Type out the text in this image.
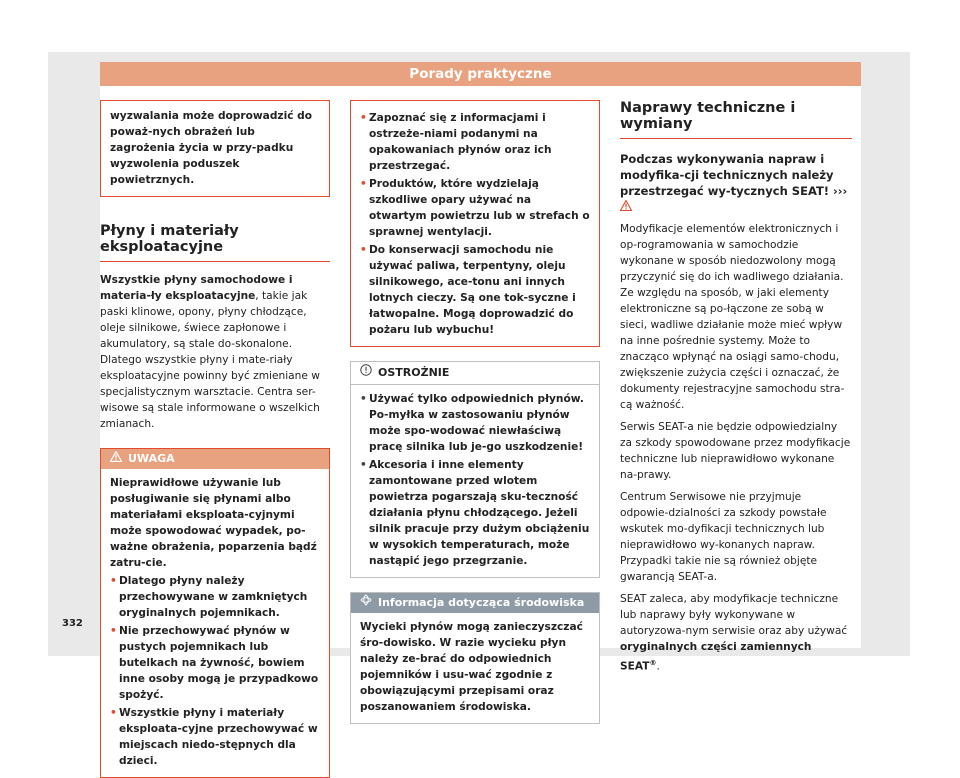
Porady praktyczne

wyzwalania może doprowadzić do poważ-nych obrażeń lub zagrożenia życia w przy-padku wyzwolenia poduszek powietrznych.

Płyny i materiały eksploatacyjne

Wszystkie płyny samochodowe i materia-ły eksploatacyjne, takie jak paski klinowe, opony, płyny chłodzące, oleje silnikowe, świece zapłonowe i akumulatory, są stale do-skonalone. Dlatego wszystkie płyny i mate-riały eksploatacyjne powinny być zmieniane w specjalistycznym warsztacie. Centra ser-wisowe są stale informowane o wszelkich zmianach.

UWAGA

Nieprawidłowe używanie lub posługiwanie się płynami albo materiałami eksploata-cyjnymi może spowodować wypadek, po-ważne obrażenia, poparzenia bądź zatru-cie.

• Dlatego płyny należy przechowywane w zamkniętych oryginalnych pojemnikach.
• Nie przechowywać płynów w pustych pojemnikach lub butelkach na żywność, bowiem inne osoby mogą je przypadkowo spożyć.
• Wszystkie płyny i materiały eksploata-cyjne przechowywać w miejscach niedo-stępnych dla dzieci.
• Zapoznać się z informacjami i ostrzeże-niami podanymi na opakowaniach płynów oraz ich przestrzegać.
• Produktów, które wydzielają szkodliwe opary używać na otwartym powietrzu lub w strefach o sprawnej wentylacji.
• Do konserwacji samochodu nie używać paliwa, terpentyny, oleju silnikowego, ace-tonu ani innych lotnych cieczy. Są one tok-syczne i łatwopalne. Mogą doprowadzić do pożaru lub wybuchu!
OSTROŻNIE
• Używać tylko odpowiednich płynów. Po-myłka w zastosowaniu płynów może spo-wodować niewłaściwą pracę silnika lub je-go uszkodzenie!
• Akcesoria i inne elementy zamontowane przed wlotem powietrza pogarszają sku-teczność działania płynu chłodzącego. Jeżeli silnik pracuje przy dużym obciążeniu w wysokich temperaturach, może nastąpić jego przegrzanie.
Informacja dotycząca środowiska

Wycieki płynów mogą zanieczyszczać śro-dowisko. W razie wycieku płyn należy ze-brać do odpowiednich pojemników i usu-wać zgodnie z obowiązującymi przepisami oraz poszanowaniem środowiska.

Naprawy techniczne i wymiany

Podczas wykonywania napraw i modyfika-cji technicznych należy przestrzegać wy-tycznych SEAT! ›››

Modyfikacje elementów elektronicznych i op-rogramowania w samochodzie wykonane w sposób niedozwolony mogą przyczynić się do ich wadliwego działania. Ze względu na sposób, w jaki elementy elektroniczne są po-łączone ze sobą w sieci, wadliwe działanie może mieć wpływ na inne pośrednie systemy. Może to znacząco wpłynąć na osiągi samo-chodu, zwiększenie zużycia części i oznaczać, że dokumenty rejestracyjne samochodu stra-cą ważność.

Serwis SEAT-a nie będzie odpowiedzialny za szkody spowodowane przez modyfikacje techniczne lub nieprawidłowo wykonane na-prawy.

Centrum Serwisowe nie przyjmuje odpowie-dzialności za szkody powstałe wskutek mo-dyfikacji technicznych lub nieprawidłowo wy-konanych napraw. Przypadki takie nie są również objęte gwarancją SEAT-a.

SEAT zaleca, aby modyfikacje techniczne lub naprawy były wykonywane w autoryzowa-nym serwisie oraz aby używać oryginalnych części zamiennych SEAT®.

332
